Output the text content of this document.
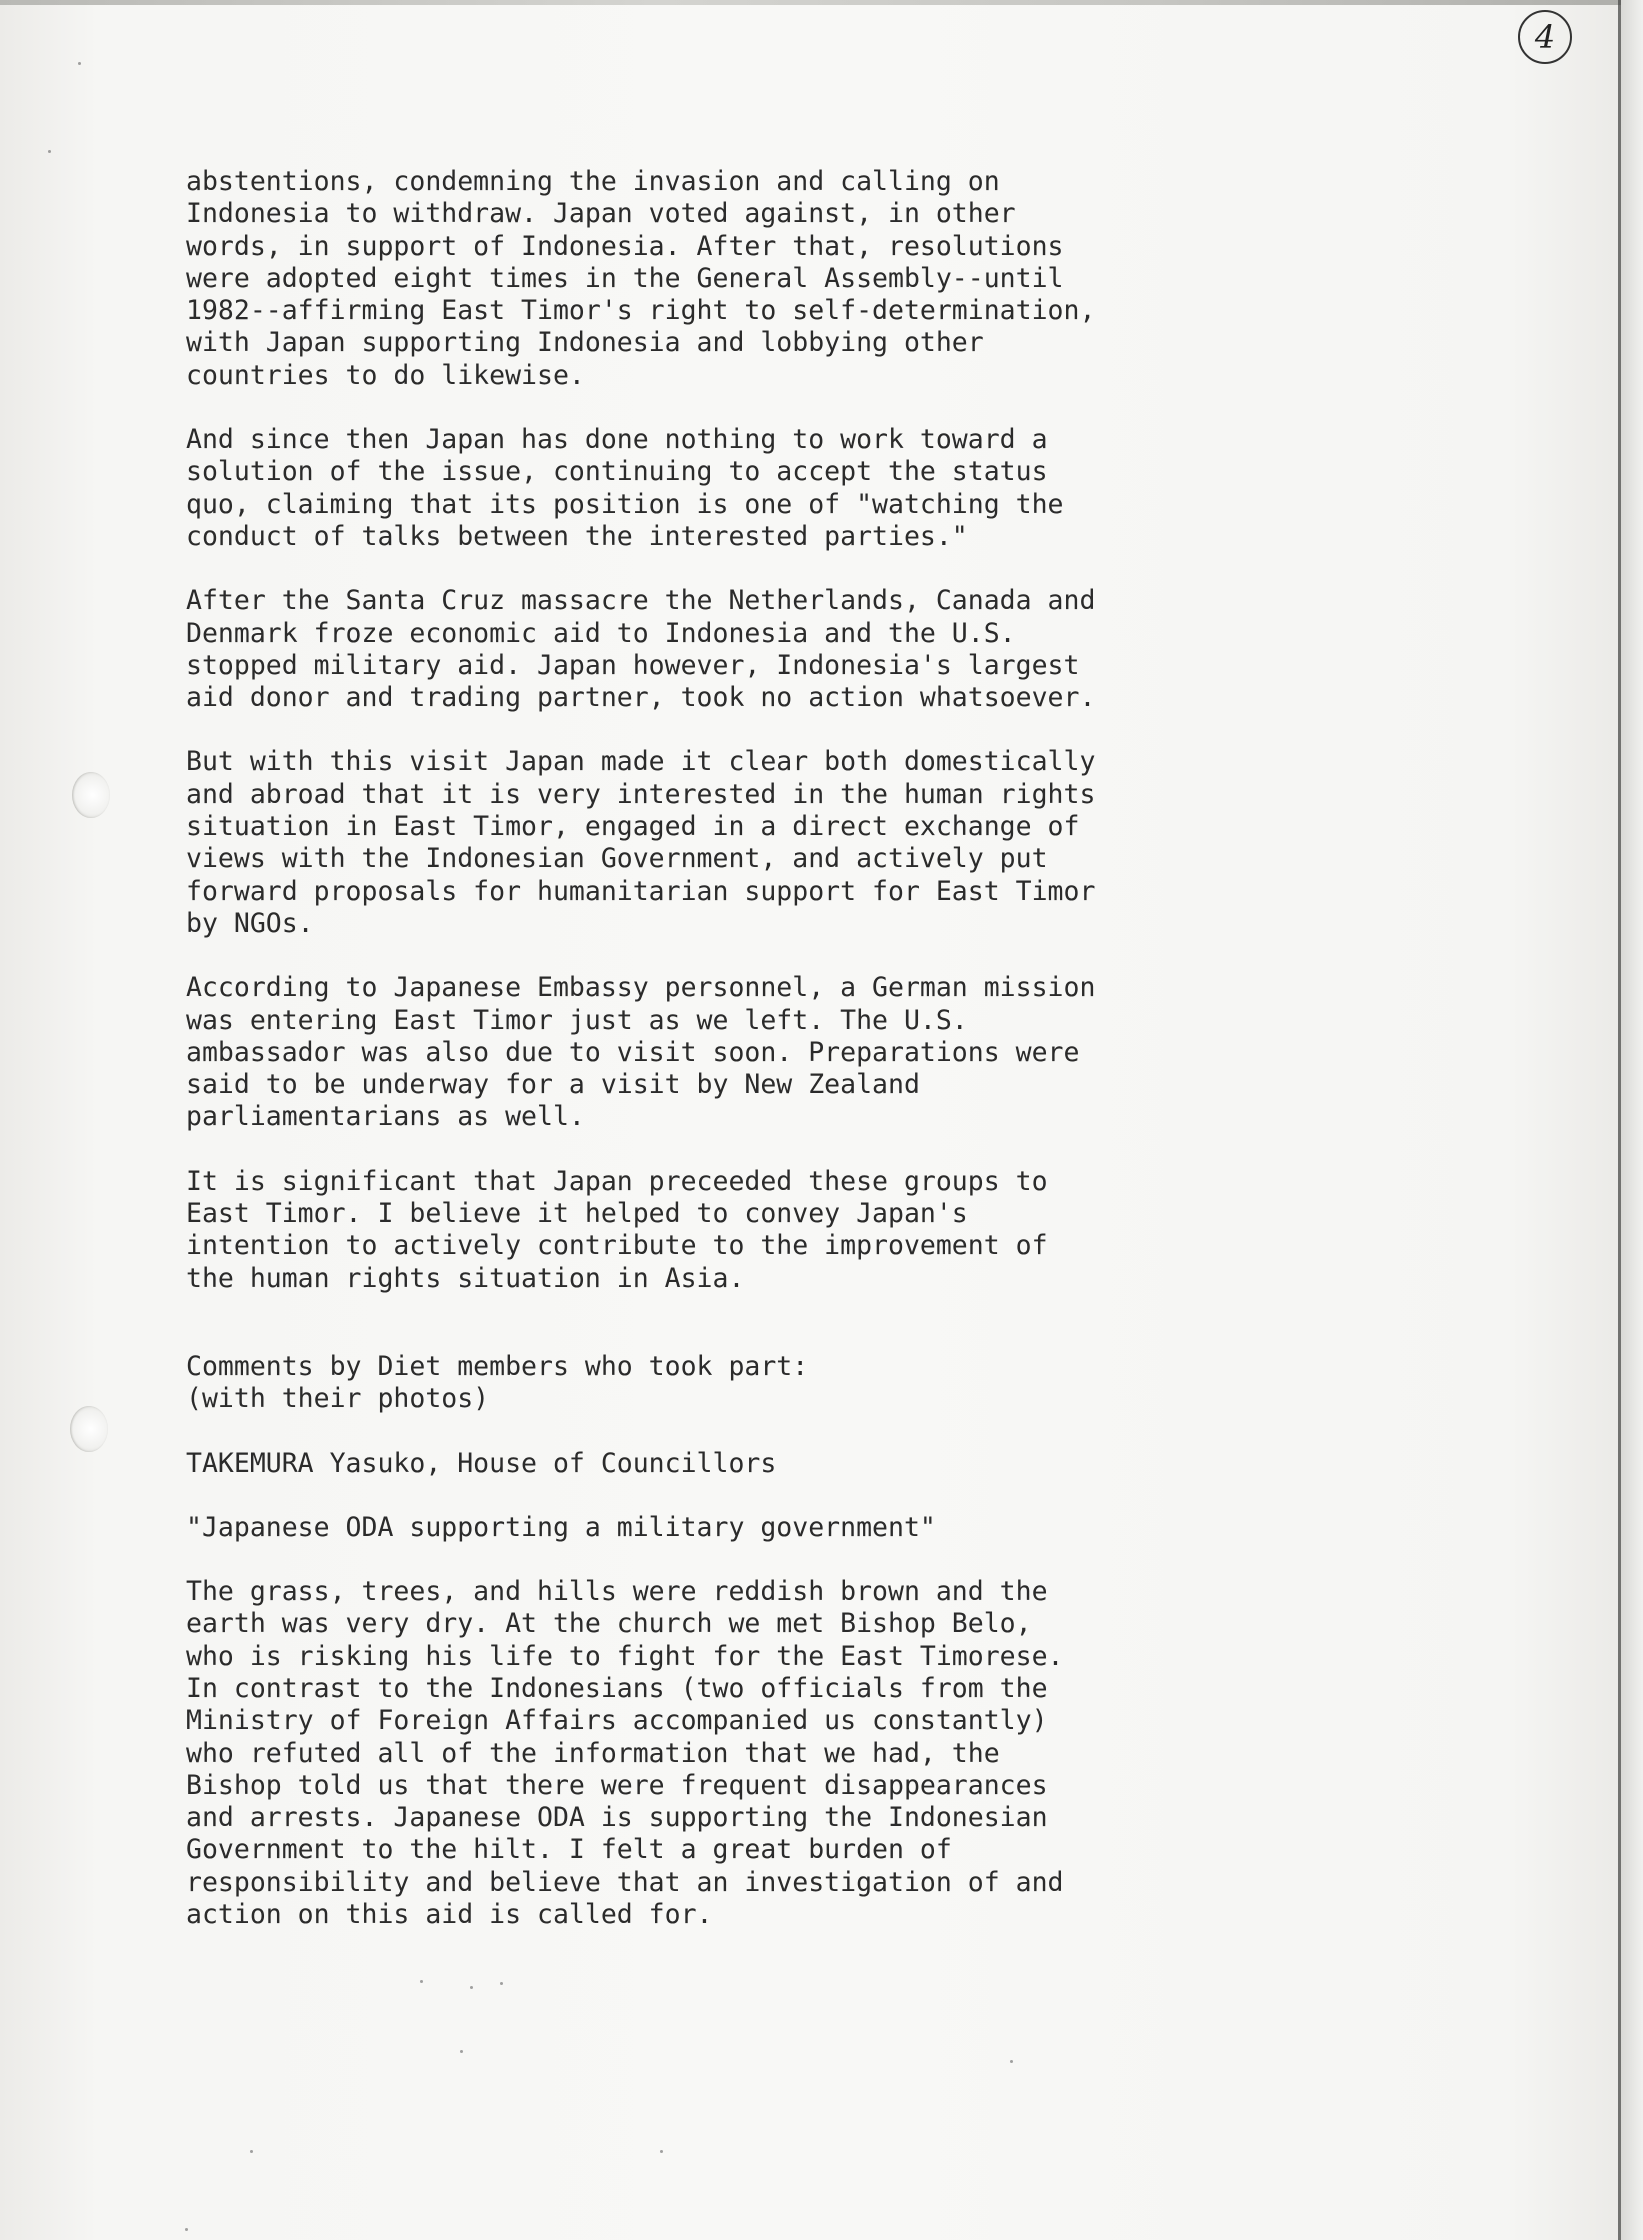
4

abstentions, condemning the invasion and calling on
Indonesia to withdraw. Japan voted against, in other
words, in support of Indonesia. After that, resolutions
were adopted eight times in the General Assembly--until
1982--affirming East Timor's right to self-determination,
with Japan supporting Indonesia and lobbying other
countries to do likewise.

And since then Japan has done nothing to work toward a
solution of the issue, continuing to accept the status
quo, claiming that its position is one of "watching the
conduct of talks between the interested parties."

After the Santa Cruz massacre the Netherlands, Canada and
Denmark froze economic aid to Indonesia and the U.S.
stopped military aid. Japan however, Indonesia's largest
aid donor and trading partner, took no action whatsoever.

But with this visit Japan made it clear both domestically
and abroad that it is very interested in the human rights
situation in East Timor, engaged in a direct exchange of
views with the Indonesian Government, and actively put
forward proposals for humanitarian support for East Timor
by NGOs.

According to Japanese Embassy personnel, a German mission
was entering East Timor just as we left. The U.S.
ambassador was also due to visit soon. Preparations were
said to be underway for a visit by New Zealand
parliamentarians as well.

It is significant that Japan preceeded these groups to
East Timor. I believe it helped to convey Japan's
intention to actively contribute to the improvement of
the human rights situation in Asia.

Comments by Diet members who took part:
(with their photos)

TAKEMURA Yasuko, House of Councillors

"Japanese ODA supporting a military government"

The grass, trees, and hills were reddish brown and the
earth was very dry. At the church we met Bishop Belo,
who is risking his life to fight for the East Timorese.
In contrast to the Indonesians (two officials from the
Ministry of Foreign Affairs accompanied us constantly)
who refuted all of the information that we had, the
Bishop told us that there were frequent disappearances
and arrests. Japanese ODA is supporting the Indonesian
Government to the hilt. I felt a great burden of
responsibility and believe that an investigation of and
action on this aid is called for.
